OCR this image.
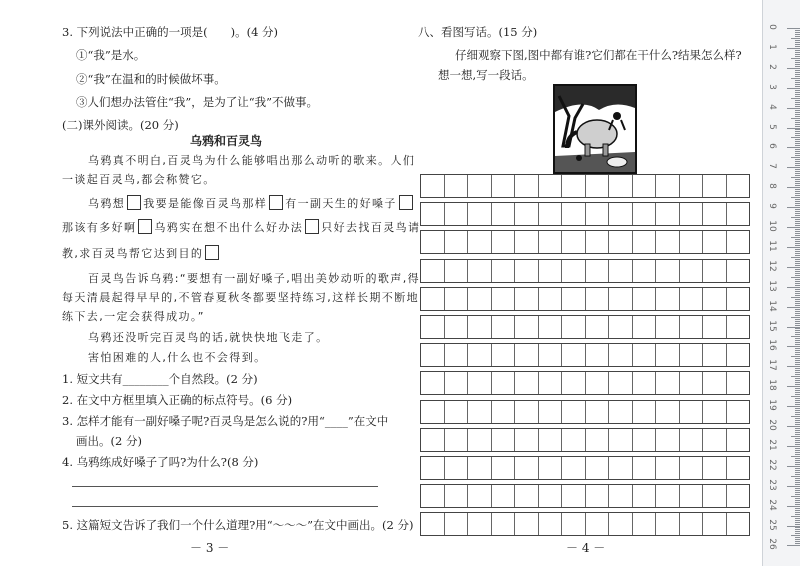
3. 下列说法中正确的一项是(　　)。(4 分)
①“我”是水。
②“我”在温和的时候做坏事。
③人们想办法管住“我”，是为了让“我”不做事。
(二)课外阅读。(20 分)
乌鸦和百灵鸟
乌鸦真不明白,百灵鸟为什么能够唱出那么动听的歌来。人们
一谈起百灵鸟,都会称赞它。
乌鸦想 我要是能像百灵鸟那样 有一副天生的好嗓子
那该有多好啊 乌鸦实在想不出什么好办法 只好去找百灵鸟请
教,求百灵鸟帮它达到目的
百灵鸟告诉乌鸦:“要想有一副好嗓子,唱出美妙动听的歌声,得
每天清晨起得早早的,不管春夏秋冬都要坚持练习,这样长期不断地
练下去,一定会获得成功。”
乌鸦还没听完百灵鸟的话,就快快地飞走了。
害怕困难的人,什么也不会得到。
1. 短文共有________个自然段。(2 分)
2. 在文中方框里填入正确的标点符号。(6 分)
3. 怎样才能有一副好嗓子呢?百灵鸟是怎么说的?用“____”在文中
画出。(2 分)
4. 乌鸦练成好嗓子了吗?为什么?(8 分)
5. 这篇短文告诉了我们一个什么道理?用“～～～”在文中画出。(2 分)
－ 3 －
八、看图写话。(15 分)
仔细观察下图,图中都有谁?它们都在干什么?结果怎么样?
想一想,写一段话。
－ 4 －
0
1
2
3
4
5
6
7
8
9
10
11
12
13
14
15
16
17
18
19
20
21
22
23
24
25
26
